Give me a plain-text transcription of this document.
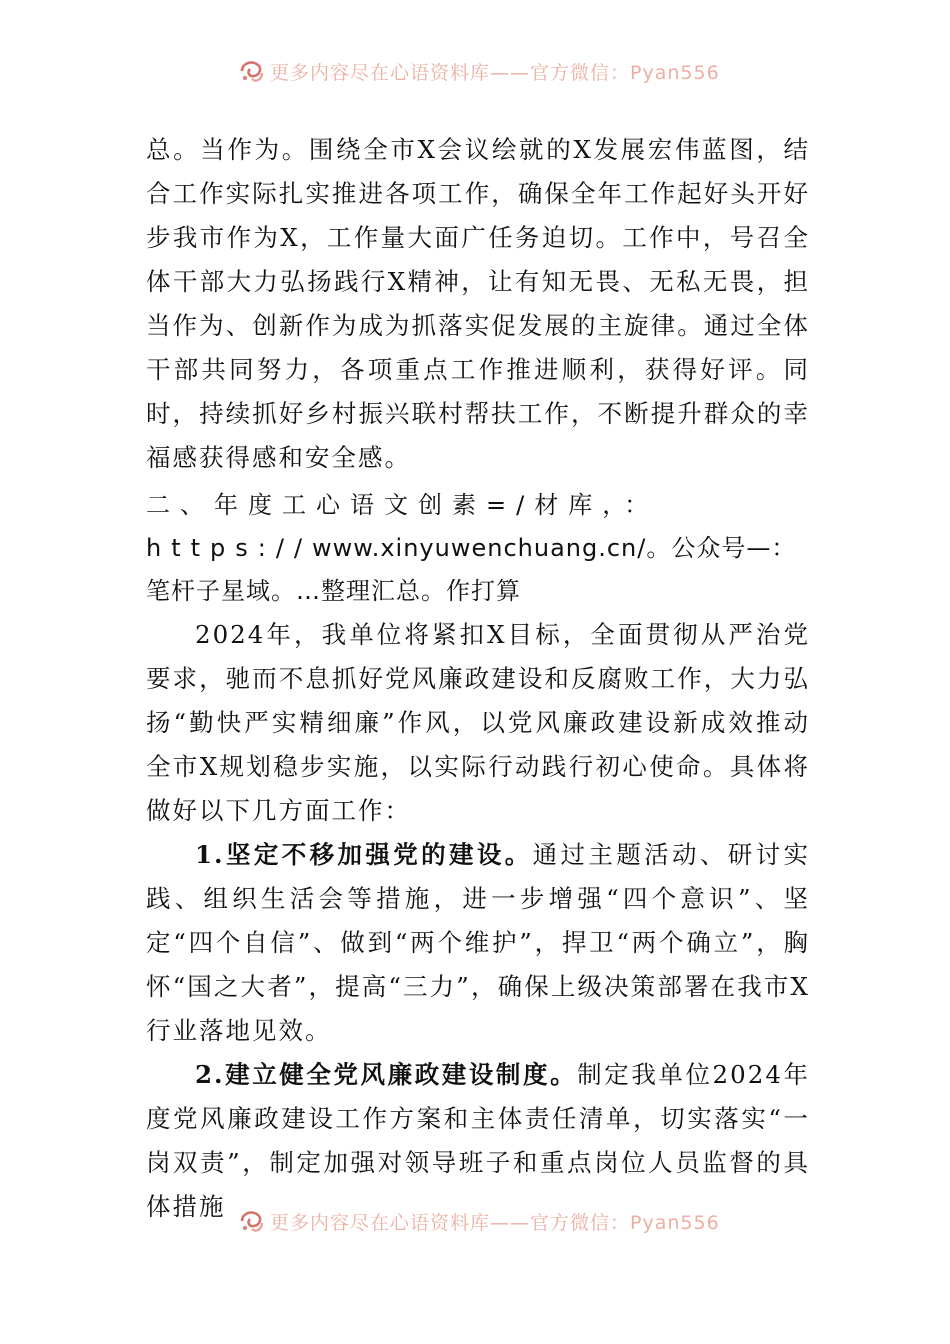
更多内容尽在心语资料库——官方微信：Pyan556

总。当作为。围绕全市X会议绘就的X发展宏伟蓝图，结合工作实际扎实推进各项工作，确保全年工作起好头开好步我市作为X，工作量大面广任务迫切。工作中，号召全体干部大力弘扬践行X精神，让有知无畏、无私无畏，担当作为、创新作为成为抓落实促发展的主旋律。通过全体干部共同努力，各项重点工作推进顺利，获得好评。同时，持续抓好乡村振兴联村帮扶工作，不断提升群众的幸福感获得感和安全感。

二、年度工心语文创素=/材库，：https://www.xinyuwenchuang.cn/。公众号—：笔杆子星域。…整理汇总。作打算

2024年，我单位将紧扣X目标，全面贯彻从严治党要求，驰而不息抓好党风廉政建设和反腐败工作，大力弘扬“勤快严实精细廉”作风，以党风廉政建设新成效推动全市X规划稳步实施，以实际行动践行初心使命。具体将做好以下几方面工作：

1.坚定不移加强党的建设。通过主题活动、研讨实践、组织生活会等措施，进一步增强“四个意识”、坚定“四个自信”、做到“两个维护”，捍卫“两个确立”，胸怀“国之大者”，提高“三力”，确保上级决策部署在我市X行业落地见效。

2.建立健全党风廉政建设制度。制定我单位2024年度党风廉政建设工作方案和主体责任清单，切实落实“一岗双责”，制定加强对领导班子和重点岗位人员监督的具体措施

更多内容尽在心语资料库——官方微信：Pyan556
